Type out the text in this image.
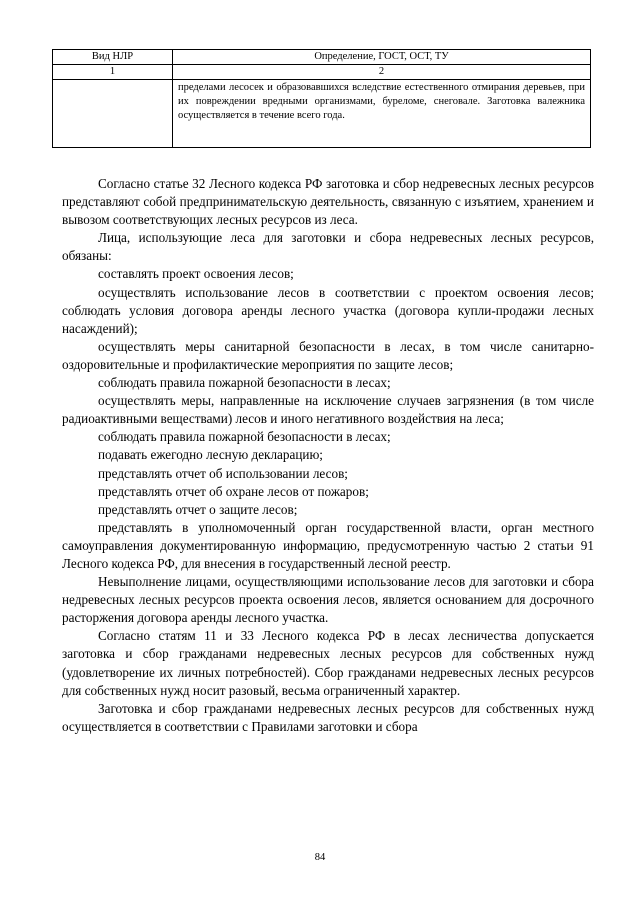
Вид НЛР	Определение, ГОСТ, ОСТ, ТУ
1	2
	пределами лесосек и образовавшихся вследствие естественного отмирания деревьев, при их повреждении вредными организмами, буреломе, снеговале. Заготовка валежника осуществляется в течение всего года.

Согласно статье 32 Лесного кодекса РФ заготовка и сбор недревесных лесных ресурсов представляют собой предпринимательскую деятельность, связанную с изъятием, хранением и вывозом соответствующих лесных ресурсов из леса.

Лица, использующие леса для заготовки и сбора недревесных лесных ресурсов, обязаны:

составлять проект освоения лесов;

осуществлять использование лесов в соответствии с проектом освоения лесов; соблюдать условия договора аренды лесного участка (договора купли-продажи лесных насаждений);

осуществлять меры санитарной безопасности в лесах, в том числе санитарно-оздоровительные и профилактические мероприятия по защите лесов;

соблюдать правила пожарной безопасности в лесах;

осуществлять меры, направленные на исключение случаев загрязнения (в том числе радиоактивными веществами) лесов и иного негативного воздействия на леса;

соблюдать правила пожарной безопасности в лесах;

подавать ежегодно лесную декларацию;

представлять отчет об использовании лесов;

представлять отчет об охране лесов от пожаров;

представлять отчет о защите лесов;

представлять в уполномоченный орган государственной власти, орган местного самоуправления документированную информацию, предусмотренную частью 2 статьи 91 Лесного кодекса РФ, для внесения в государственный лесной реестр.

Невыполнение лицами, осуществляющими использование лесов для заготовки и сбора недревесных лесных ресурсов проекта освоения лесов, является основанием для досрочного расторжения договора аренды лесного участка.

Согласно статям 11 и 33 Лесного кодекса РФ в лесах лесничества допускается заготовка и сбор гражданами недревесных лесных ресурсов для собственных нужд (удовлетворение их личных потребностей). Сбор гражданами недревесных лесных ресурсов для собственных нужд носит разовый, весьма ограниченный характер.

Заготовка и сбор гражданами недревесных лесных ресурсов для собственных нужд осуществляется в соответствии с Правилами заготовки и сбора

84
